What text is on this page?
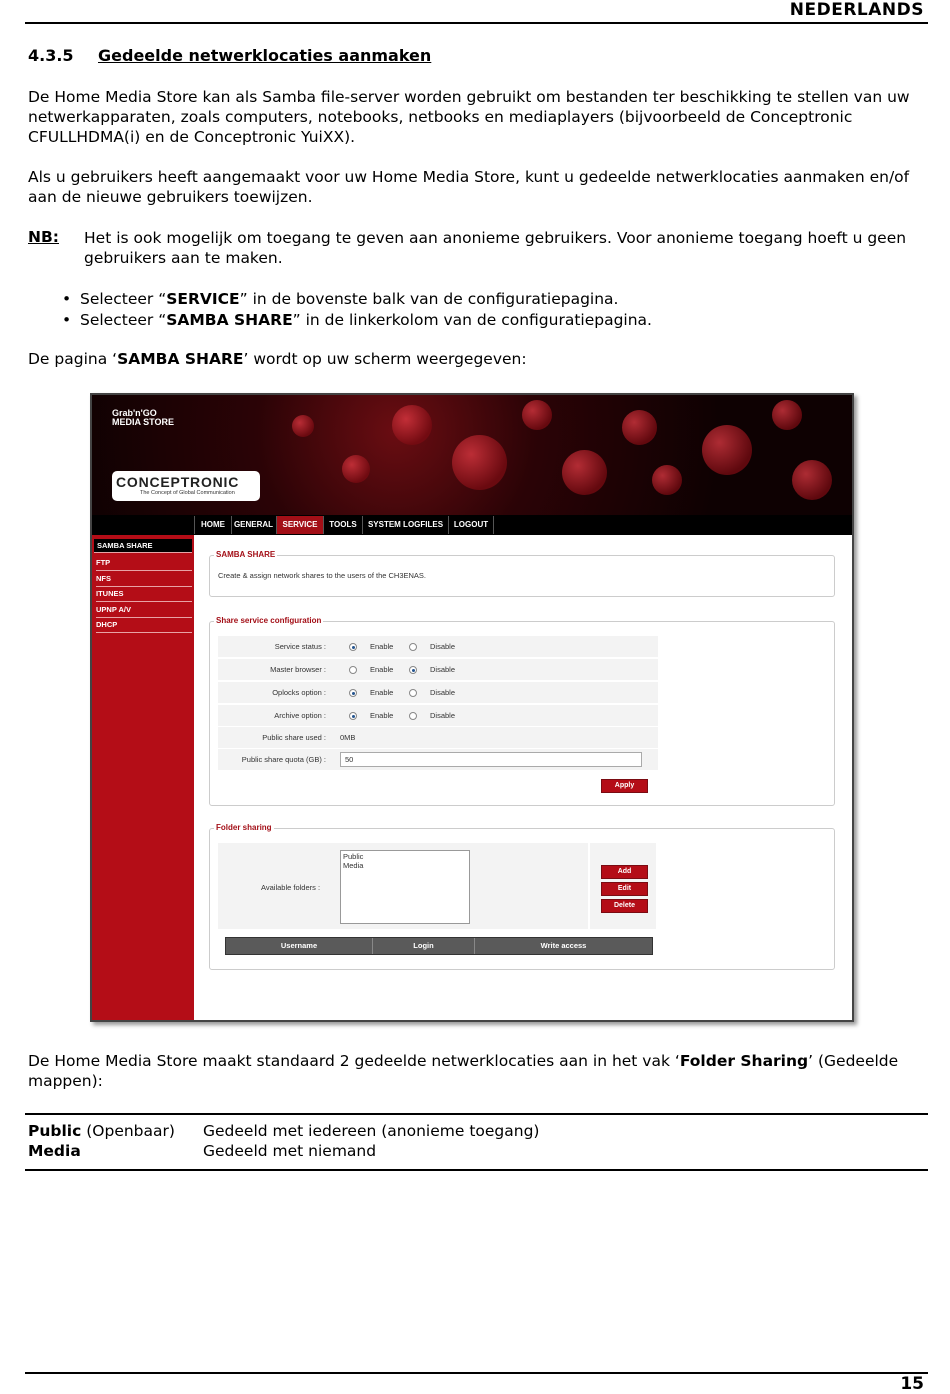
NEDERLANDS
4.3.5 Gedeelde netwerklocaties aanmaken
De Home Media Store kan als Samba file-server worden gebruikt om bestanden ter beschikking te stellen van uw netwerkapparaten, zoals computers, notebooks, netbooks en mediaplayers (bijvoorbeeld de Conceptronic CFULLHDMA(i) en de Conceptronic YuiXX).
Als u gebruikers heeft aangemaakt voor uw Home Media Store, kunt u gedeelde netwerklocaties aanmaken en/of aan de nieuwe gebruikers toewijzen.
NB: Het is ook mogelijk om toegang te geven aan anonieme gebruikers. Voor anonieme toegang hoeft u geen gebruikers aan te maken.
• Selecteer “SERVICE” in de bovenste balk van de configuratiepagina.
• Selecteer “SAMBA SHARE” in de linkerkolom van de configuratiepagina.
De pagina ‘SAMBA SHARE’ wordt op uw scherm weergegeven:
Grab'n'GO
MEDIA STORE
CONCEPTRONIC
The Concept of Global Communication
HOME	GENERAL	SERVICE	TOOLS	SYSTEM LOGFILES	LOGOUT
SAMBA SHARE
FTP
NFS
ITUNES
UPNP A/V
DHCP
SAMBA SHARE
Create & assign network shares to the users of the CH3ENAS.
Share service configuration
Service status :	Enable	Disable
Master browser :	Enable	Disable
Oplocks option :	Enable	Disable
Archive option :	Enable	Disable
Public share used : 0MB
Public share quota (GB) :	50
Apply
Folder sharing
Available folders :
Public
Media
Add
Edit
Delete
Username	Login	Write access
De Home Media Store maakt standaard 2 gedeelde netwerklocaties aan in het vak ‘Folder Sharing’ (Gedeelde mappen):
Public (Openbaar) Gedeeld met iedereen (anonieme toegang)
Media	Gedeeld met niemand
15
